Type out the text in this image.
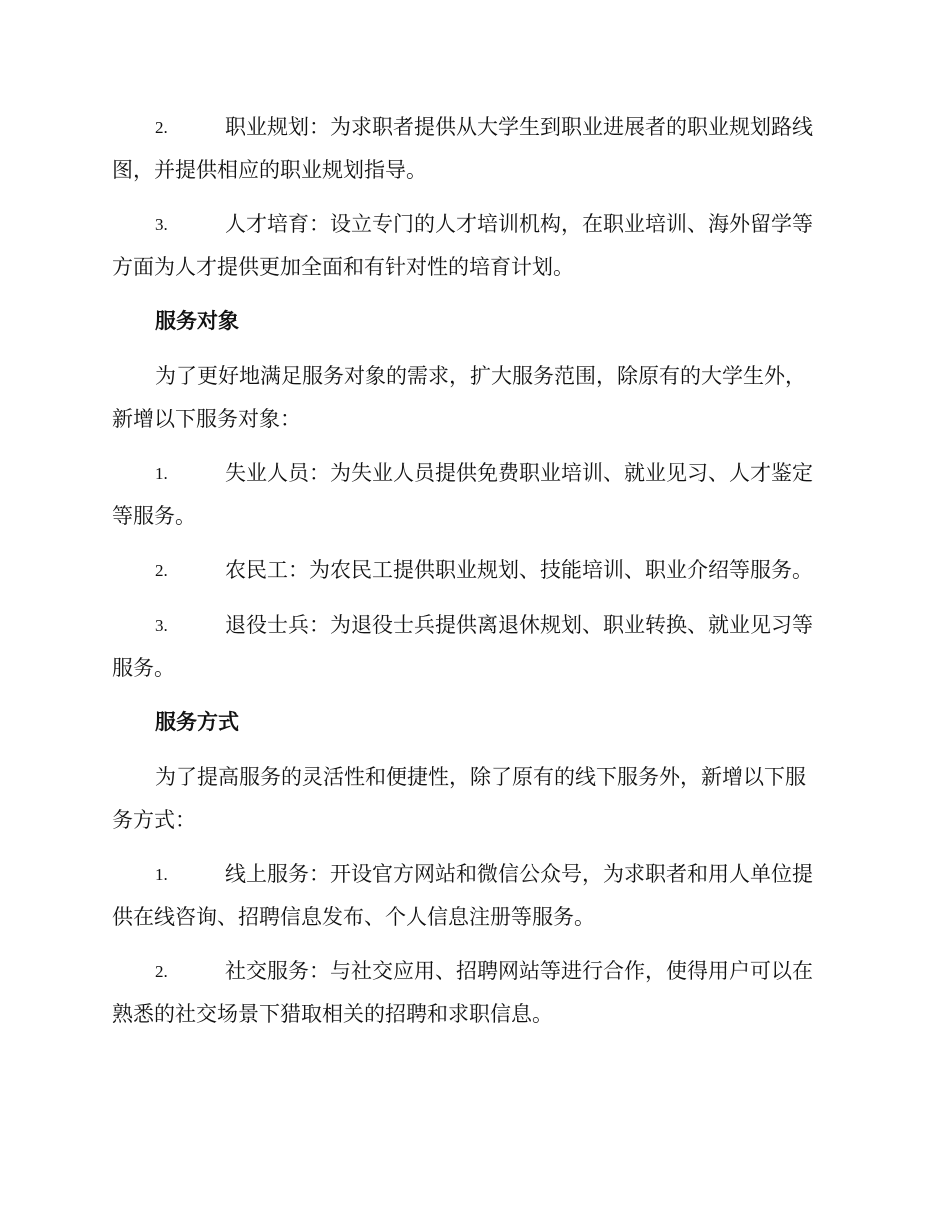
2.	职业规划：为求职者提供从大学生到职业进展者的职业规划路线
图，并提供相应的职业规划指导。
3.	人才培育：设立专门的人才培训机构，在职业培训、海外留学等
方面为人才提供更加全面和有针对性的培育计划。
服务对象
为了更好地满足服务对象的需求，扩大服务范围，除原有的大学生外，
新增以下服务对象：
1.	失业人员：为失业人员提供免费职业培训、就业见习、人才鉴定
等服务。
2.	农民工：为农民工提供职业规划、技能培训、职业介绍等服务。
3.	退役士兵：为退役士兵提供离退休规划、职业转换、就业见习等
服务。
服务方式
为了提高服务的灵活性和便捷性，除了原有的线下服务外，新增以下服
务方式：
1.	线上服务：开设官方网站和微信公众号，为求职者和用人单位提
供在线咨询、招聘信息发布、个人信息注册等服务。
2.	社交服务：与社交应用、招聘网站等进行合作，使得用户可以在
熟悉的社交场景下猎取相关的招聘和求职信息。
